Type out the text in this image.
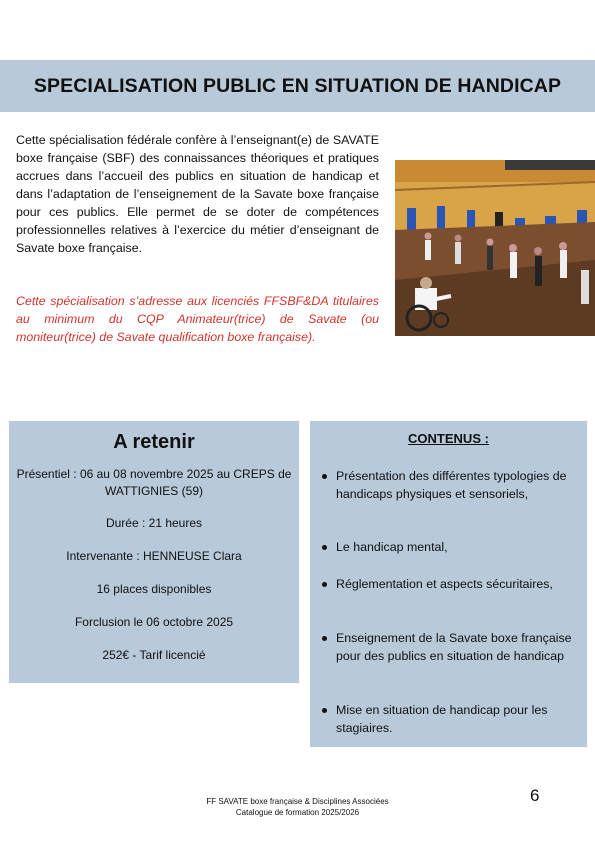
SPECIALISATION PUBLIC EN SITUATION DE HANDICAP

Cette spécialisation fédérale confère à l’enseignant(e) de SAVATE boxe française (SBF) des connaissances théoriques et pratiques accrues dans l’accueil des publics en situation de handicap et dans l’adaptation de l’enseignement de la Savate boxe française pour ces publics. Elle permet de se doter de compétences professionnelles relatives à l’exercice du métier d’enseignant de Savate boxe française.

Cette spécialisation s’adresse aux licenciés FFSBF&DA titulaires au minimum du CQP Animateur(trice) de Savate (ou moniteur(trice) de Savate qualification boxe française).

A retenir

Présentiel : 06 au 08 novembre 2025 au CREPS de WATTIGNIES (59)

Durée : 21 heures

Intervenante : HENNEUSE Clara

16 places disponibles

Forclusion le 06 octobre 2025

252€ - Tarif licencié

CONTENUS :
Présentation des différentes typologies de handicaps physiques et sensoriels,
Le handicap mental,
Réglementation et aspects sécuritaires,
Enseignement de la Savate boxe française pour des publics en situation de handicap
Mise en situation de handicap pour les stagiaires.
FF SAVATE boxe française & Disciplines Associées
Catalogue de formation 2025/2026
6
